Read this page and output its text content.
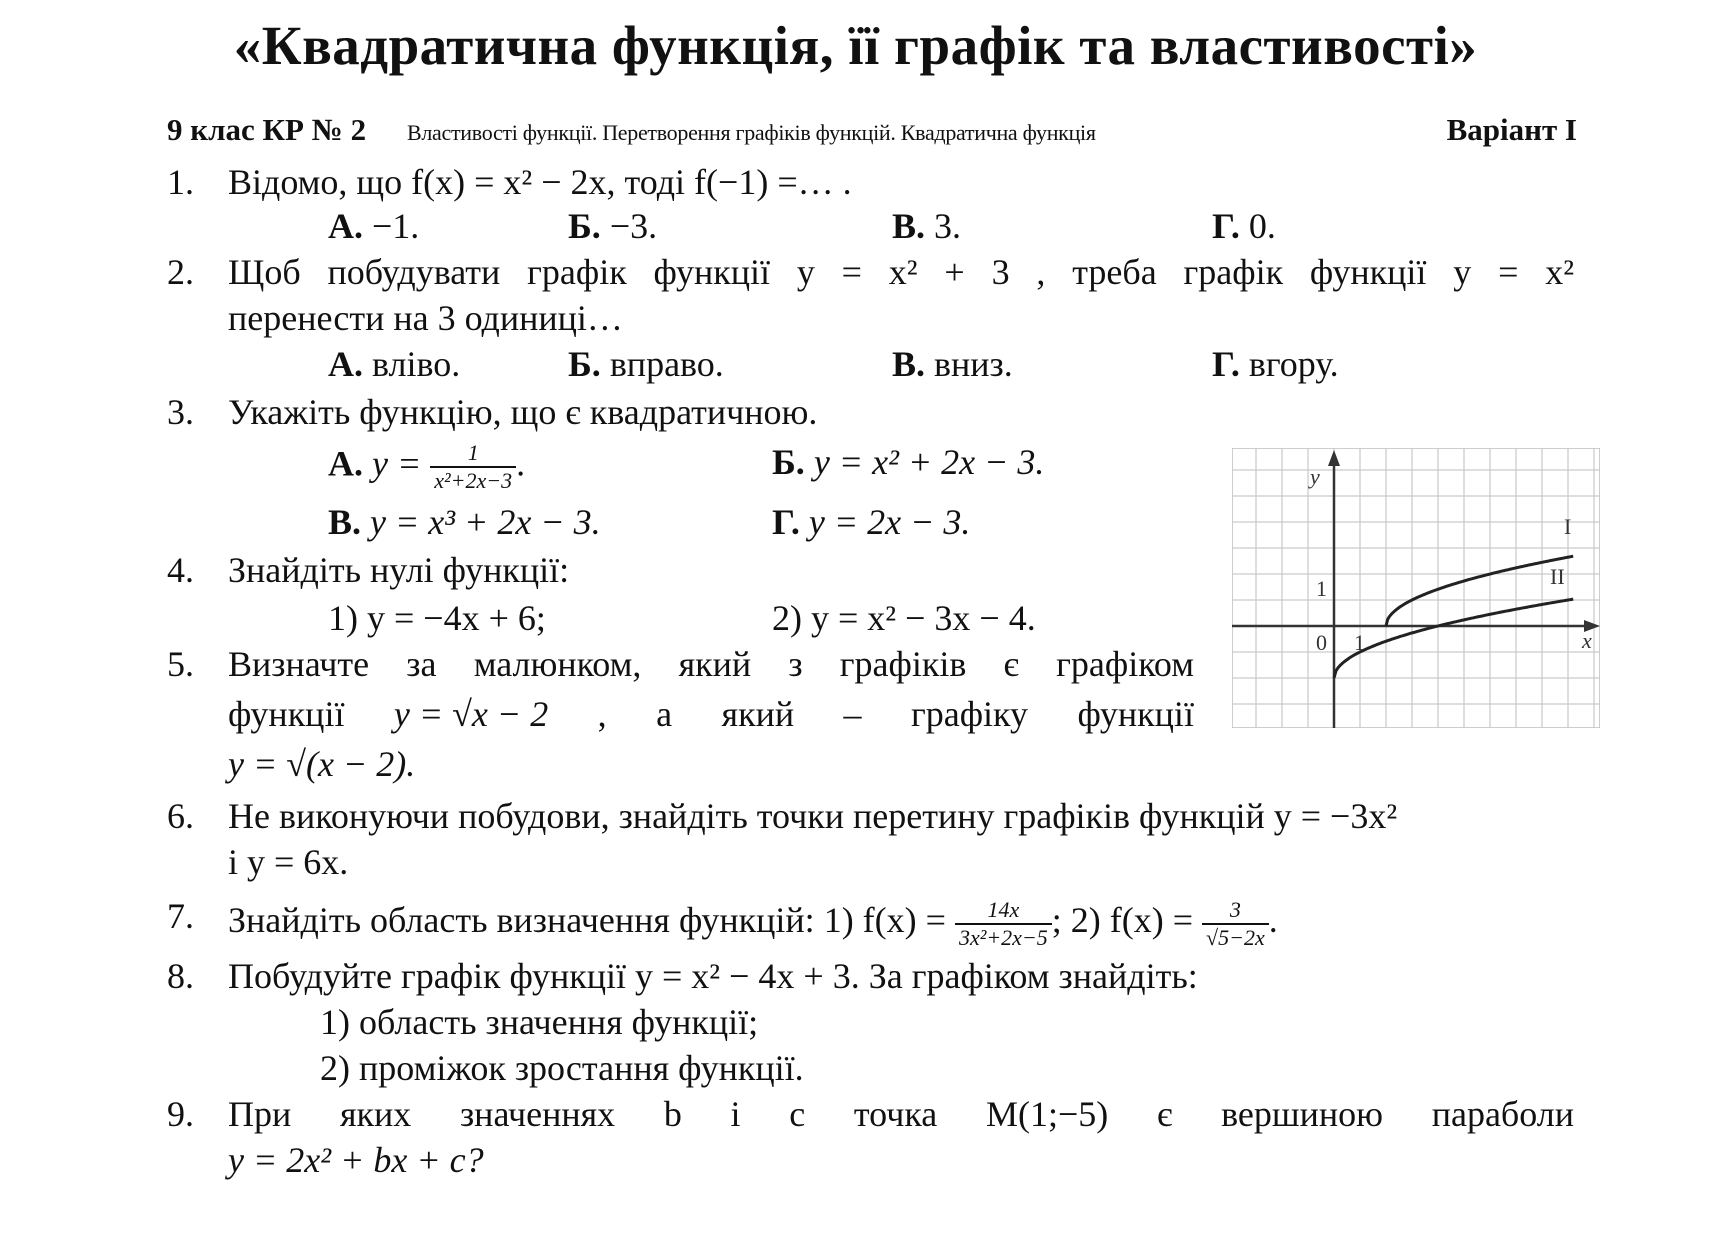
«Квадратична функція, її графік та властивості»
9 клас КР № 2 Властивості функції. Перетворення графіків функцій. Квадратична функція	Варіант I
1. Відомо, що f(x) = x² − 2x, тоді f(−1) =… .
А. −1.	Б. −3.	В. 3.	Г. 0.
2. Щоб побудувати графік функції y = x² + 3 , треба графік функції y = x²
перенести на 3 одиниці…
А. вліво.	Б. вправо.	В. вниз.	Г. вгору.
3. Укажіть функцію, що є квадратичною.
А. $y = \frac{1}{\text{x²+2x−3}}$ .	Б. y = x² + 2x − 3.
В. y = x³ + 2x − 3.	Г. y = 2x − 3.
4. Знайдіть нулі функції:
1) y = −4x + 6;	2) y = x² − 3x − 4.
5. Визначте за малюнком, який з графіків є графіком
функції y = √x − 2 , а який – графіку функції
y = √(x − 2).
y
x
0 1
1
I
II
6. Не виконуючи побудови, знайдіть точки перетину графіків функцій y = −3x²
і y = 6x.
7. Знайдіть область визначення функцій: 1) $f(x) = \frac{14x}{\text{3x²+2x−5}}$ ; 2) $f(x) = \frac{3}{√5-2x}$ .
8. Побудуйте графік функції y = x² − 4x + 3. За графіком знайдіть:
1) область значення функції;
2) проміжок зростання функції.
9. При яких значеннях b і c точка M(1;−5) є вершиною параболи
y = 2x² + bx + c?
